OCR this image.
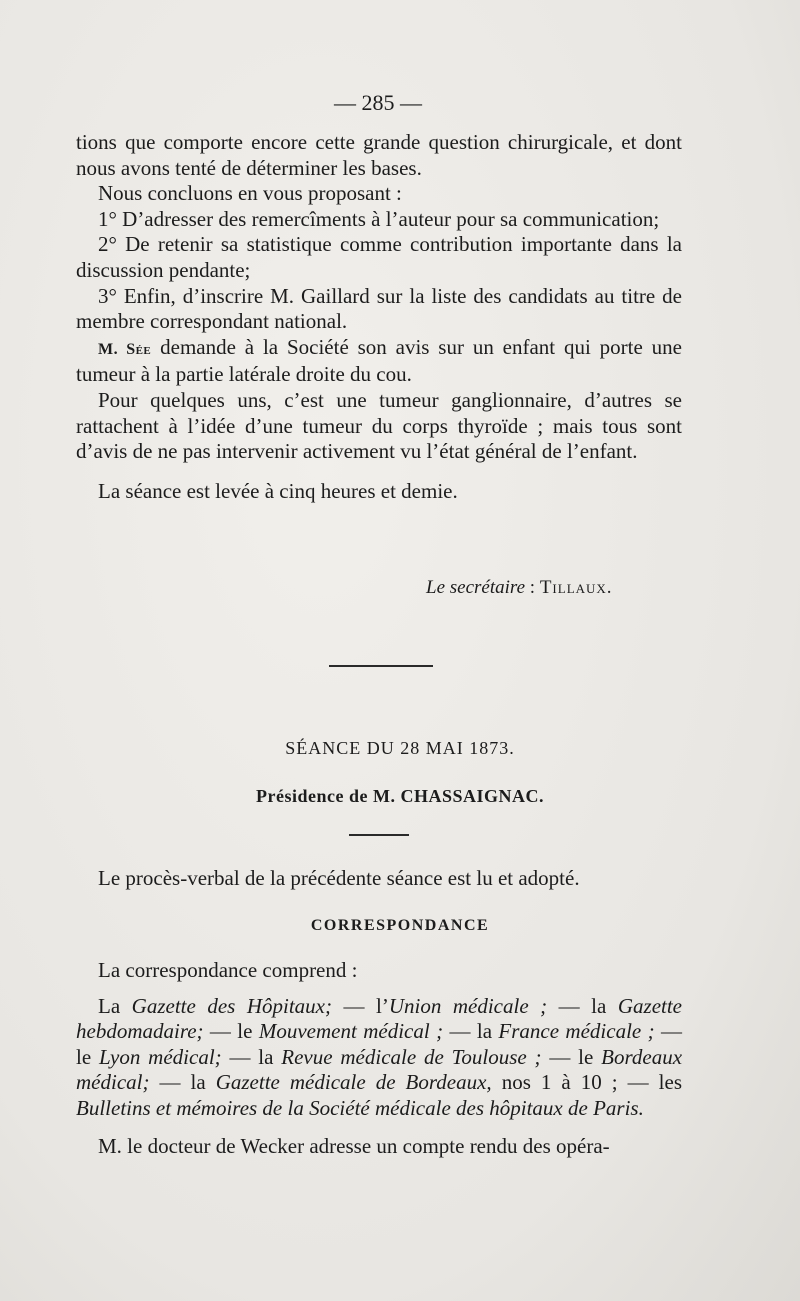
— 285 —

tions que comporte encore cette grande question chirurgicale, et dont nous avons tenté de déterminer les bases.

Nous concluons en vous proposant :

1° D’adresser des remercîments à l’auteur pour sa communication;

2° De retenir sa statistique comme contribution importante dans la discussion pendante;

3° Enfin, d’inscrire M. Gaillard sur la liste des candidats au titre de membre correspondant national.

M. Sée demande à la Société son avis sur un enfant qui porte une tumeur à la partie latérale droite du cou.

Pour quelques uns, c’est une tumeur ganglionnaire, d’autres se rattachent à l’idée d’une tumeur du corps thyroïde ; mais tous sont d’avis de ne pas intervenir activement vu l’état général de l’enfant.

La séance est levée à cinq heures et demie.

Le secrétaire : Tillaux.
SÉANCE DU 28 MAI 1873.
Présidence de M. CHASSAIGNAC.

Le procès-verbal de la précédente séance est lu et adopté.

CORRESPONDANCE

La correspondance comprend :

La Gazette des Hôpitaux; — l’Union médicale ; — la Gazette hebdomadaire; — le Mouvement médical ; — la France médicale ; — le Lyon médical; — la Revue médicale de Toulouse ; — le Bordeaux médical; — la Gazette médicale de Bordeaux, nos 1 à 10 ; — les Bulletins et mémoires de la Société médicale des hôpitaux de Paris.

M. le docteur de Wecker adresse un compte rendu des opéra-
